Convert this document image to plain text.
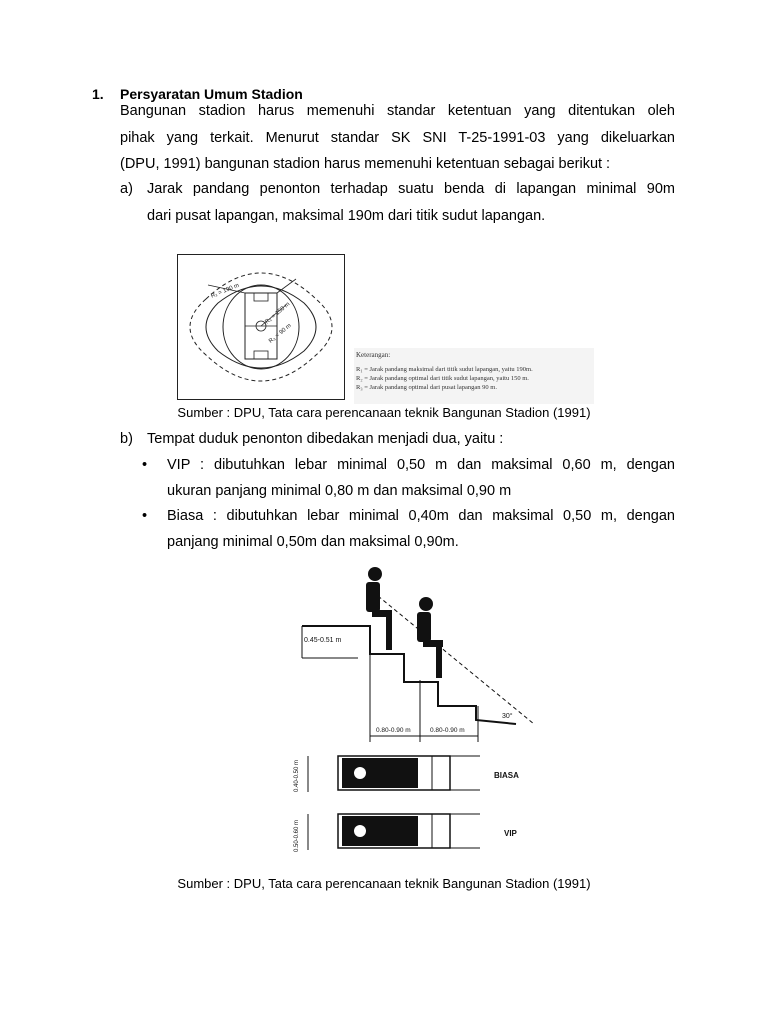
1. Persyaratan Umum Stadion
Bangunan stadion harus memenuhi standar ketentuan yang ditentukan oleh
pihak yang terkait. Menurut standar SK SNI T-25-1991-03 yang dikeluarkan
(DPU, 1991) bangunan stadion harus memenuhi ketentuan sebagai berikut :
a) Jarak pandang penonton terhadap suatu benda di lapangan minimal 90m
dari pusat lapangan, maksimal 190m dari titik sudut lapangan.
R₁ = 190 m
R₂ = 150 m
R₃ = 90 m
Keterangan:
R₁ = Jarak pandang maksimal dari titik sudut lapangan, yaitu 190m.
R₂ = Jarak pandang optimal dari titik sudut lapangan, yaitu 150 m.
R₃ = Jarak pandang optimal dari pusat lapangan 90 m.
Sumber : DPU, Tata cara perencanaan teknik Bangunan Stadion (1991)
b) Tempat duduk penonton dibedakan menjadi dua, yaitu :
• VIP : dibutuhkan lebar minimal 0,50 m dan maksimal 0,60 m, dengan
ukuran panjang minimal 0,80 m dan maksimal 0,90 m
• Biasa : dibutuhkan lebar minimal 0,40m dan maksimal 0,50 m, dengan
panjang minimal 0,50m dan maksimal 0,90m.
0.45-0.51 m
30°
0.80-0.90 m	0.80-0.90 m
0.40-0.50 m	BIASA
0.50-0.60 m	VIP
Sumber : DPU, Tata cara perencanaan teknik Bangunan Stadion (1991)
